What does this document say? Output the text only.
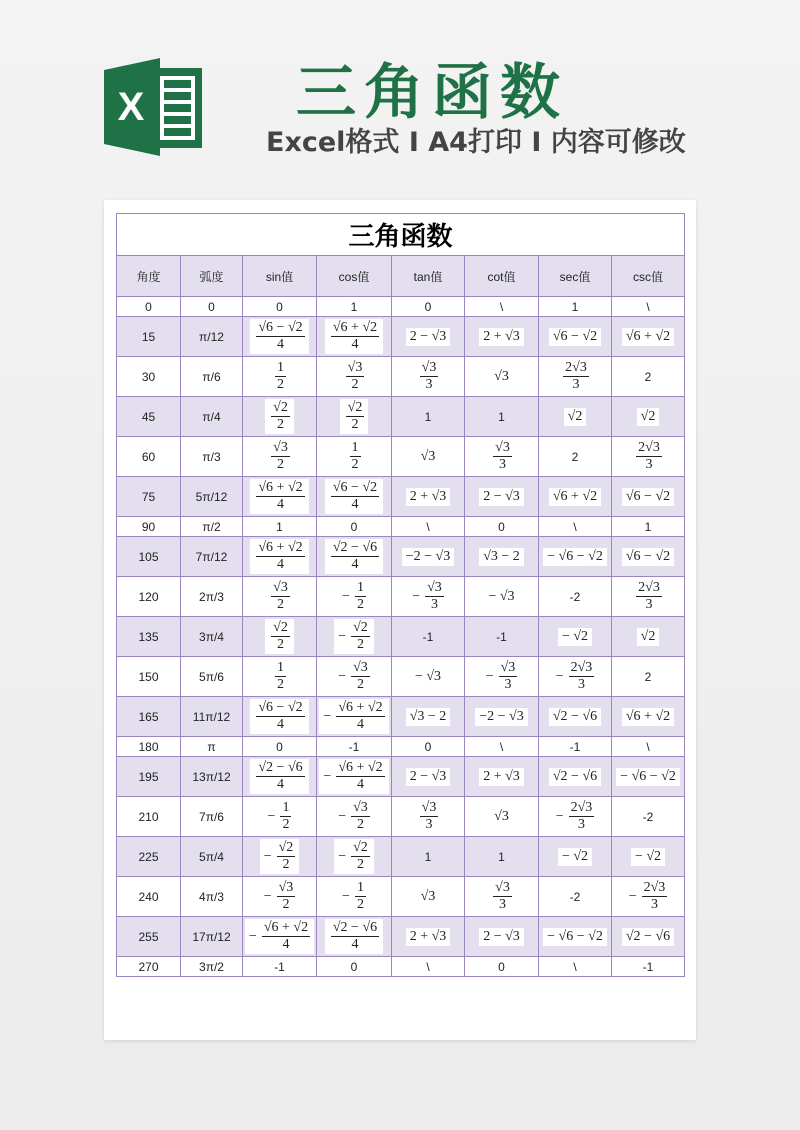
X	三角函数
Excel格式 I A4打印 I 内容可修改
三角函数							
角度	弧度	sin值	cos值	tan值	cot值	sec值	csc值
0	0	0	1	0	\	1	\
15	π/12	$\frac{√6 - √2}{4}$	$\frac{√6 + √2}{4}$	2 − √3	2 + √3	√6 − √2	√6 + √2
30	π/6	$\frac{1}{2}$	$\frac{√3}{2}$	$\frac{√3}{3}$	√3	$\frac{2√3}{3}$	2
45	π/4	$\frac{√2}{2}$	$\frac{√2}{2}$	1	1	√2	√2
60	π/3	$\frac{√3}{2}$	$\frac{1}{2}$	√3	$\frac{√3}{3}$	2	$\frac{2√3}{3}$

75	5π/12	$\frac{√6 + √2}{4}$	$\frac{√6 - √2}{4}$	2 + √3	2 − √3	√6 + √2	√6 − √2
90	π/2	1	0	\	0	\	1
105	7π/12	$\frac{√6 + √2}{4}$	$\frac{√2 - √6}{4}$	−2 − √3	√3 − 2	− √6 − √2	√6 − √2
120	2π/3	$\frac{√3}{2}$	− $\frac{1}{2}$	− $\frac{√3}{3}$	− √3	-2	$\frac{2√3}{3}$

135	3π/4	$\frac{√2}{2}$	− $\frac{√2}{2}$	-1	-1	− √2	√2
150	5π/6	$\frac{1}{2}$	− $\frac{√3}{2}$	− √3	− $\frac{√3}{3}$	− $\frac{2√3}{3}$	2
165	11π/12	$\frac{√6 - √2}{4}$	− $\frac{√6 + √2}{4}$	√3 − 2	−2 − √3	√2 − √6	√6 + √2
180	π	0	-1	0	\	-1	\
195	13π/12	$\frac{√2 - √6}{4}$	− $\frac{√6 + √2}{4}$	2 − √3	2 + √3	√2 − √6	− √6 − √2
210	7π/6	− $\frac{1}{2}$	− $\frac{√3}{2}$	$\frac{√3}{3}$	√3	− $\frac{2√3}{3}$	-2
225	5π/4	− $\frac{√2}{2}$	− $\frac{√2}{2}$	1	1	− √2	− √2
240	4π/3	− $\frac{√3}{2}$	− $\frac{1}{2}$	√3	$\frac{√3}{3}$	-2	− $\frac{2√3}{3}$

255	17π/12	− $\frac{√6 + √2}{4}$	$\frac{√2 - √6}{4}$	2 + √3	2 − √3	− √6 − √2	√2 − √6
270	3π/2	-1	0	\	0	\	-1
